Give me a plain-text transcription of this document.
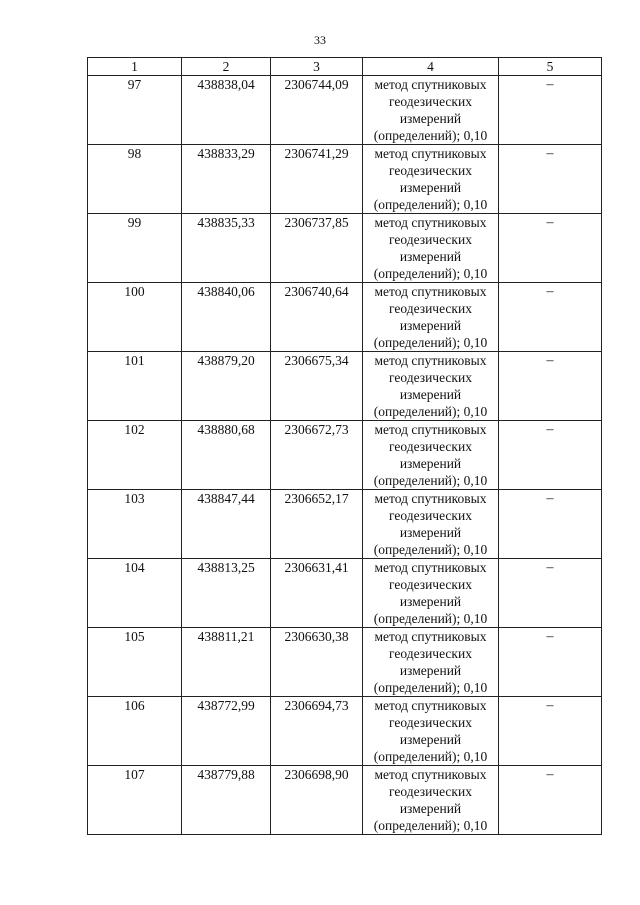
33
1	2	3	4	5
97	438838,04	2306744,09	метод спутниковых
геодезических
измерений
(определений); 0,10	–
98	438833,29	2306741,29	метод спутниковых
геодезических
измерений
(определений); 0,10	–
99	438835,33	2306737,85	метод спутниковых
геодезических
измерений
(определений); 0,10	–
100	438840,06	2306740,64	метод спутниковых
геодезических
измерений
(определений); 0,10	–
101	438879,20	2306675,34	метод спутниковых
геодезических
измерений
(определений); 0,10	–
102	438880,68	2306672,73	метод спутниковых
геодезических
измерений
(определений); 0,10	–
103	438847,44	2306652,17	метод спутниковых
геодезических
измерений
(определений); 0,10	–
104	438813,25	2306631,41	метод спутниковых
геодезических
измерений
(определений); 0,10	–
105	438811,21	2306630,38	метод спутниковых
геодезических
измерений
(определений); 0,10	–
106	438772,99	2306694,73	метод спутниковых
геодезических
измерений
(определений); 0,10	–
107	438779,88	2306698,90	метод спутниковых
геодезических
измерений
(определений); 0,10	–
